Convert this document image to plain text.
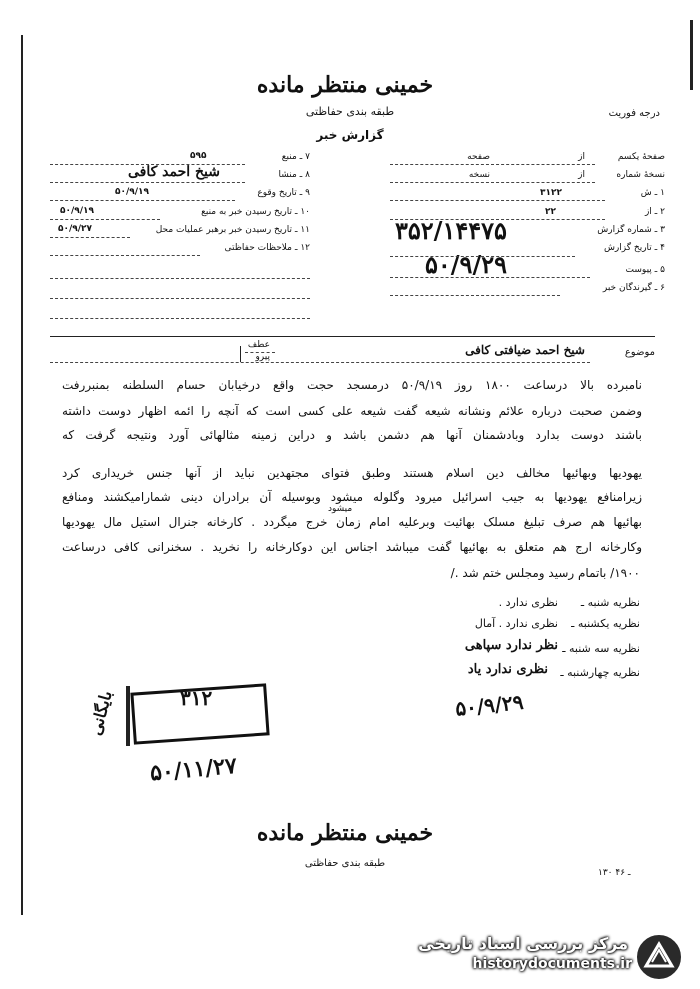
خمینی منتظر مانده
طبقه بندی حفاظتی
گزارش خبر
درجه فوریت
صفحهٔ یکسم
از
صفحه
نسخهٔ شماره
از
نسخه
۱ ـ ش
۳۱۲۲
۲ ـ از
۲۲
۳ ـ شماره گزارش
۳۵۲/۱۴۴۷۵
۴ ـ تاریخ گزارش
۵۰/۹/۲۹	۵ ـ پیوست
۶ ـ گیرندگان خبر
۷ ـ منبع
۵۹۵
۸ ـ منشا
شیخ احمد کافی
۹ ـ تاریخ وقوع
۵۰/۹/۱۹
۱۰ ـ تاریخ رسیدن خبر به منبع
۵۰/۹/۱۹
۱۱ ـ تاریخ رسیدن خبر برهبر عملیات محل
۵۰/۹/۲۷
۱۲ ـ ملاحظات حفاظتی
عطف
پیرو	موضوع
شیخ احمد ضیافتی کافی
نامبرده بالا درساعت ۱۸۰۰ روز ۵۰/۹/۱۹ درمسجد حجت واقع درخیابان حسام السلطنه بمنبررفت
وضمن صحبت درباره علائم ونشانه شیعه گفت شیعه علی کسی است که آنچه را ائمه اظهار دوست داشته
باشند دوست بدارد وبادشمنان آنها هم دشمن باشد و دراین زمینه مثالهائی آورد ونتیجه گرفت که
یهودیها وبهائیها مخالف دین اسلام هستند وطبق فتوای مجتهدین نباید از آنها جنس خریداری کرد
زیرامنافع یهودیها به جیب اسرائیل میرود وگلوله میشود وبوسیله آن برادران دینی شمارامیکشند ومنافع
میشود
بهائیها هم صرف تبلیغ مسلک بهائیت وبرعلیه امام زمان خرج میگردد . کارخانه جنرال استیل مال یهودیها
وکارخانه ارج هم متعلق به بهائیها گفت میباشد اجناس این دوکارخانه را نخرید . سخنرانی کافی درساعت
۱۹۰۰/ باتمام رسید ومجلس ختم شد ./
نظریه شنبه ـ
نظری ندارد .
نظریه یکشنبه ـ
نظری ندارد . آمال
نظریه سه شنبه ـ
نظر ندارد سپاهی
نظریه چهارشنبه ـ
نظری ندارد یاد
۵۰/۹/۲۹
۳۱۲
۵۰/۱۱/۲۷
بایگانی
خمینی منتظر مانده
طبقه بندی حفاظتی
۱۳۰ ـ ۴۶
مرکز بررسی اسناد تاریخی
historydocuments.ir
